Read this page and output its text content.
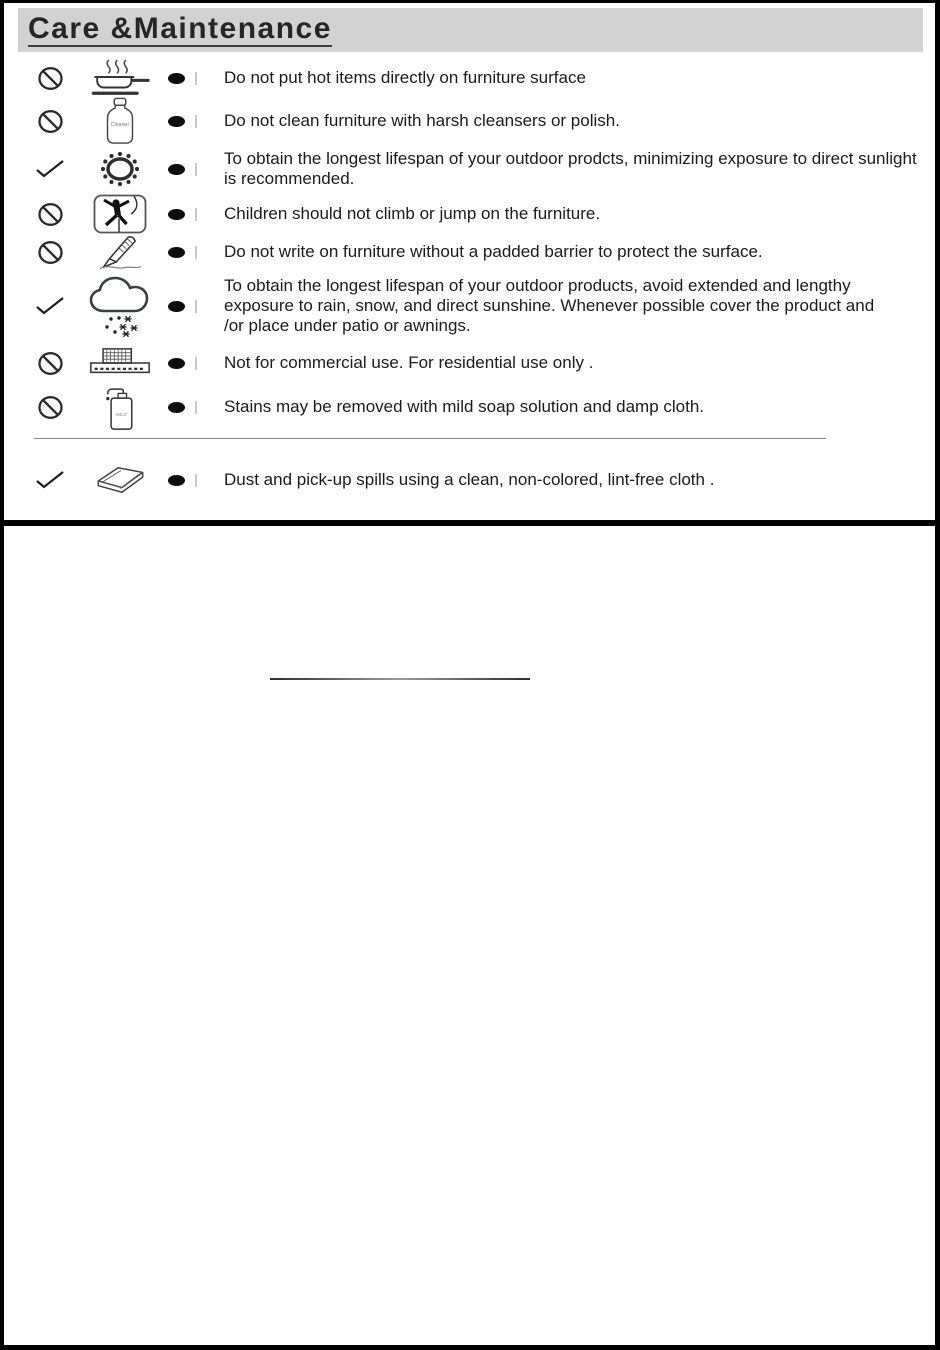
Care &Maintenance
Do not put hot items directly on furniture surface
Cleaner	Do not clean furniture with harsh cleansers or polish.
To obtain the longest lifespan of your outdoor prodcts, minimizing exposure to direct sunlight is recommended.
Children should not climb or jump on the furniture.
Do not write on furniture without a padded barrier to protect the surface.
To obtain the longest lifespan of your outdoor products, avoid extended and lengthy exposure to rain, snow, and direct sunshine. Whenever possible cover the product and /or place under patio or awnings.
Not for commercial use. For residential use only .
MILD	Stains may be removed with mild soap solution and damp cloth.
Dust and pick-up spills using a clean, non-colored, lint-free cloth .
